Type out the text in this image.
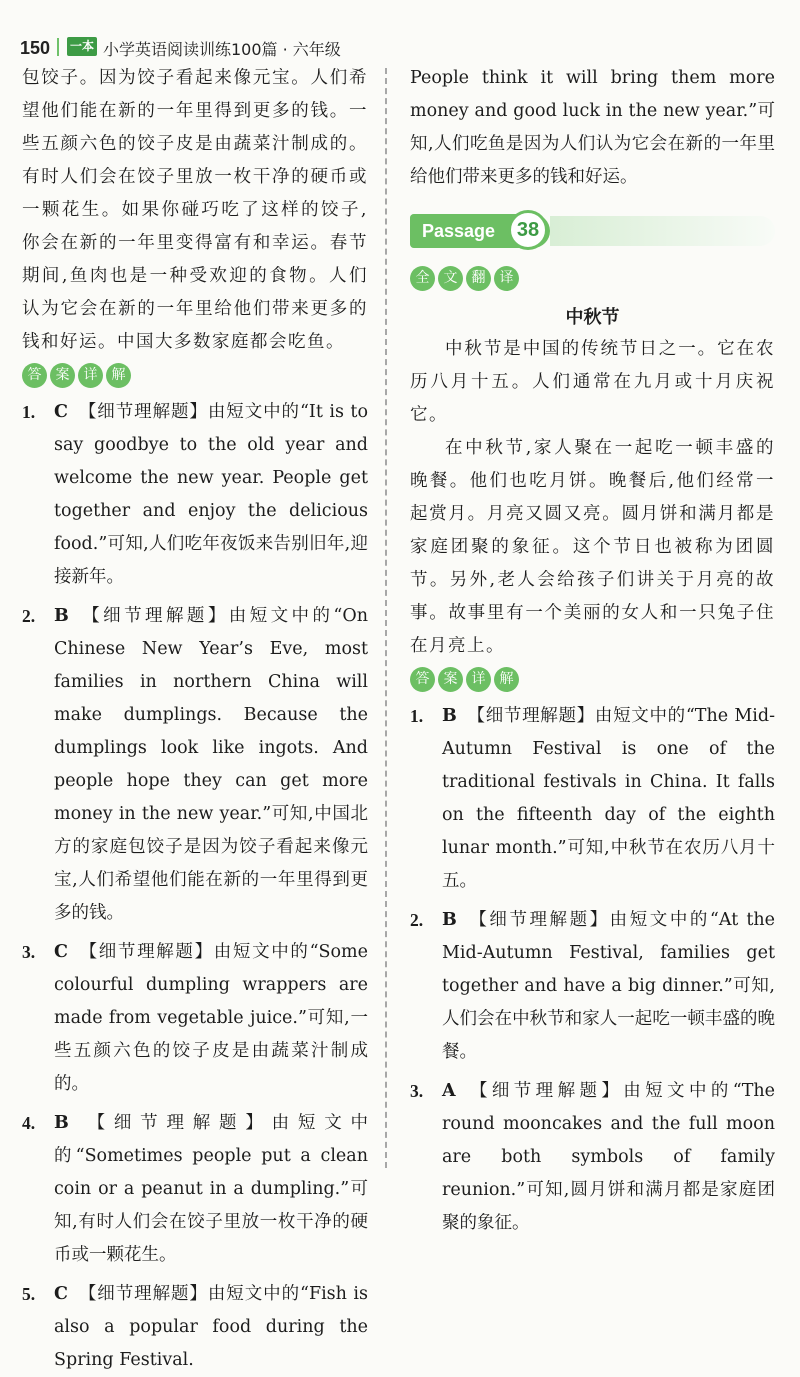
150 一本 小学英语阅读训练100篇 · 六年级

包饺子。因为饺子看起来像元宝。人们希望他们能在新的一年里得到更多的钱。一些五颜六色的饺子皮是由蔬菜汁制成的。有时人们会在饺子里放一枚干净的硬币或一颗花生。如果你碰巧吃了这样的饺子,你会在新的一年里变得富有和幸运。春节期间,鱼肉也是一种受欢迎的食物。人们认为它会在新的一年里给他们带来更多的钱和好运。中国大多数家庭都会吃鱼。

答	案	详	解
1.	C 【细节理解题】由短文中的“It is to say goodbye to the old year and welcome the new year. People get together and enjoy the delicious food.”可知,人们吃年夜饭来告别旧年,迎接新年。
2.	B 【细节理解题】由短文中的“On Chinese New Year’s Eve, most families in northern China will make dumplings. Because the dumplings look like ingots. And people hope they can get more money in the new year.”可知,中国北方的家庭包饺子是因为饺子看起来像元宝,人们希望他们能在新的一年里得到更多的钱。
3.	C 【细节理解题】由短文中的“Some colourful dumpling wrappers are made from vegetable juice.”可知,一些五颜六色的饺子皮是由蔬菜汁制成的。
4.	B 【细节理解题】由短文中的“Sometimes people put a clean coin or a peanut in a dumpling.”可知,有时人们会在饺子里放一枚干净的硬币或一颗花生。
5.	C 【细节理解题】由短文中的“Fish is also a popular food during the Spring Festival.

People think it will bring them more money and good luck in the new year.”可知,人们吃鱼是因为人们认为它会在新的一年里给他们带来更多的钱和好运。

Passage	38
全	文	翻	译
中秋节

中秋节是中国的传统节日之一。它在农历八月十五。人们通常在九月或十月庆祝它。

在中秋节,家人聚在一起吃一顿丰盛的晚餐。他们也吃月饼。晚餐后,他们经常一起赏月。月亮又圆又亮。圆月饼和满月都是家庭团聚的象征。这个节日也被称为团圆节。另外,老人会给孩子们讲关于月亮的故事。故事里有一个美丽的女人和一只兔子住在月亮上。

答	案	详	解
1.	B 【细节理解题】由短文中的“The Mid-Autumn Festival is one of the traditional festivals in China. It falls on the fifteenth day of the eighth lunar month.”可知,中秋节在农历八月十五。
2.	B 【细节理解题】由短文中的“At the Mid-Autumn Festival, families get together and have a big dinner.”可知,人们会在中秋节和家人一起吃一顿丰盛的晚餐。
3.	A 【细节理解题】由短文中的“The round mooncakes and the full moon are both symbols of family reunion.”可知,圆月饼和满月都是家庭团聚的象征。
